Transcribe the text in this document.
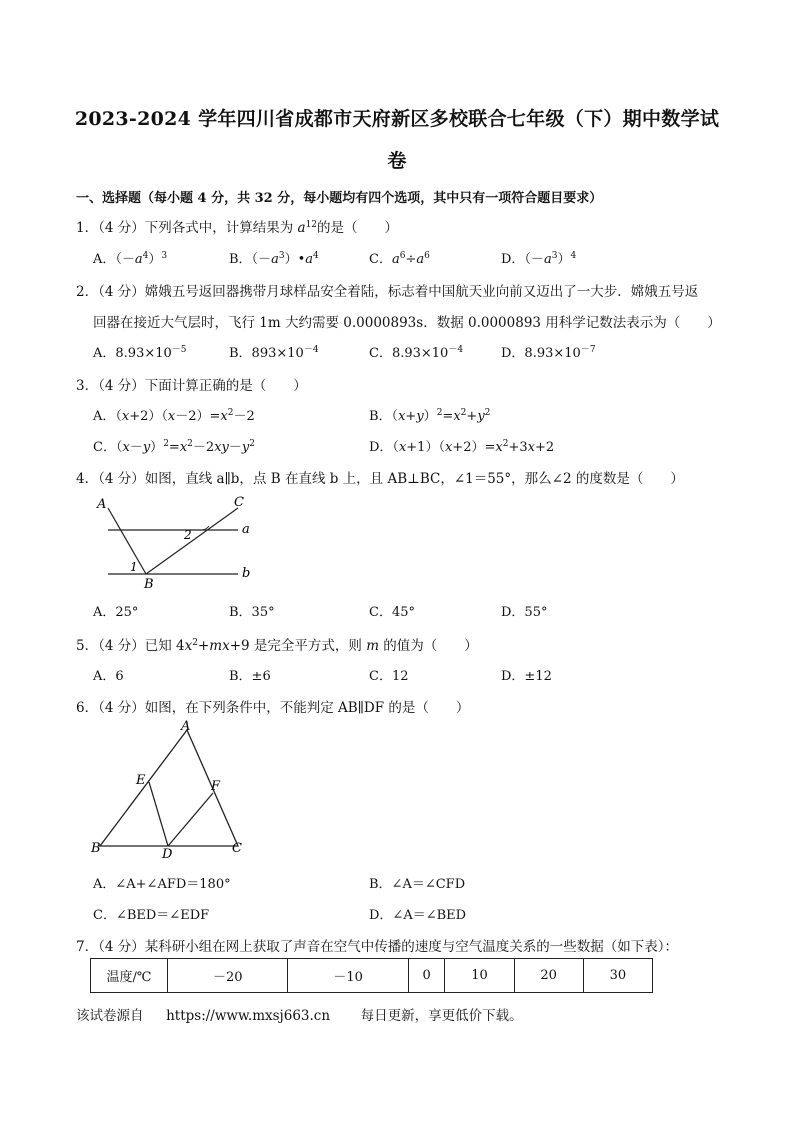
2023-2024 学年四川省成都市天府新区多校联合七年级（下）期中数学试
卷
一、选择题（每小题 4 分，共 32 分，每小题均有四个选项，其中只有一项符合题目要求）
1．（4 分）下列各式中，计算结果为 $a^{12}$的是（　　）
A．$(-a^4)^3$	B．$(-a^3)•a^4$	C．$a^6\div a^6$	D．$(-a^3)^4$
2．（4 分）嫦娥五号返回器携带月球样品安全着陆，标志着中国航天业向前又迈出了一大步．嫦娥五号返
回器在接近大气层时，飞行 1m 大约需要 0.0000893s．数据 0.0000893 用科学记数法表示为（　　）
A．$8.93\times 10^{-5}$	B．$893\times 10^{-4}$	C．$8.93\times 10^{-4}$	D．$8.93\times 10^{-7}$
3．（4 分）下面计算正确的是（　　）
A．$(x+2)(x-2)=x^2-2$	B．$(x+y)^2=x^2+y^2$
C．$(x-y)^2=x^2-2xy-y^2$	D．$(x+1)(x+2)=x^2+3x+2$
4．（4 分）如图，直线 a∥b，点 B 在直线 b 上，且 AB⊥BC，∠1＝55°，那么∠2 的度数是（　　）
A	C
a
b
B
1
2
A．25°	B．35°	C．45°	D．55°
5．（4 分）已知 $4x^2+mx+9$ 是完全平方式，则 m 的值为（　　）
A．6	B．±6	C．12	D．±12
6．（4 分）如图，在下列条件中，不能判定 AB∥DF 的是（　　）
A
E	F
B	D	C
A．∠A+∠AFD＝180°	B．∠A＝∠CFD
C．∠BED＝∠EDF	D．∠A＝∠BED
7．（4 分）某科研小组在网上获取了声音在空气中传播的速度与空气温度关系的一些数据（如下表）：
温度/℃	－20	－10	0	10	20	30
该试卷源自 https://www.mxsj663.cn 每日更新，享更低价下载。
